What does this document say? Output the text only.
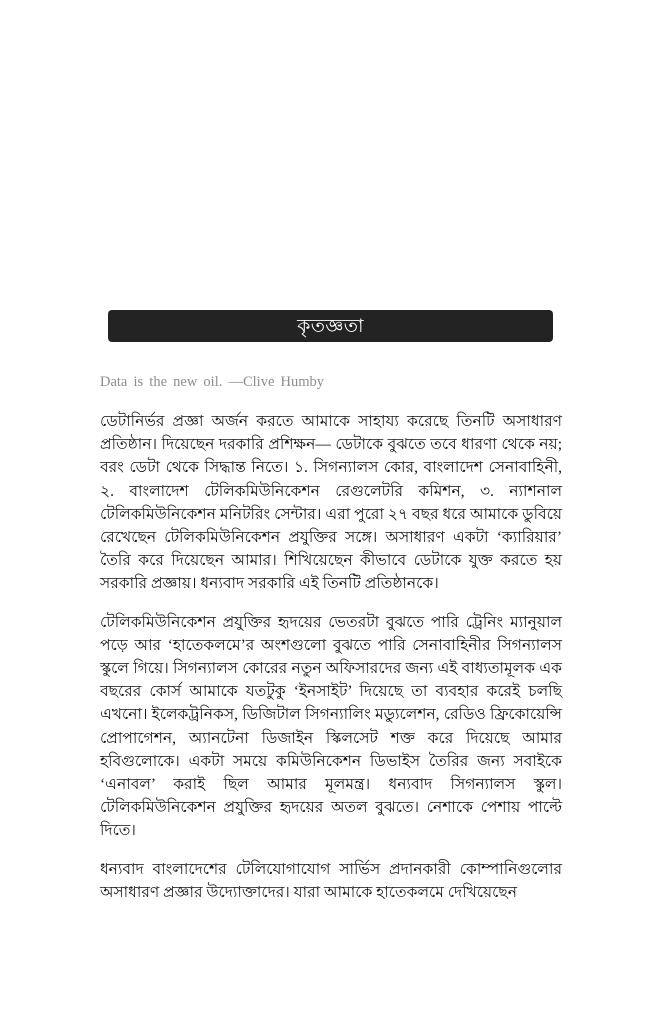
কৃতজ্ঞতা
Data is the new oil. —Clive Humby

ডেটানির্ভর প্রজ্ঞা অর্জন করতে আমাকে সাহায্য করেছে তিনটি অসাধারণ প্রতিষ্ঠান। দিয়েছেন দরকারি প্রশিক্ষন— ডেটাকে বুঝতে তবে ধারণা থেকে নয়; বরং ডেটা থেকে সিদ্ধান্ত নিতে। ১. সিগন্যালস কোর, বাংলাদেশ সেনাবাহিনী, ২. বাংলাদেশ টেলিকমিউনিকেশন রেগুলেটরি কমিশন, ৩. ন্যাশনাল টেলিকমিউনিকেশন মনিটরিং সেন্টার। এরা পুরো ২৭ বছর ধরে আমাকে ডুবিয়ে রেখেছেন টেলিকমিউনিকেশন প্রযুক্তির সঙ্গে। অসাধারণ একটা ‘ক্যারিয়ার’ তৈরি করে দিয়েছেন আমার। শিখিয়েছেন কীভাবে ডেটাকে যুক্ত করতে হয় সরকারি প্রজ্ঞায়। ধন্যবাদ সরকারি এই তিনটি প্রতিষ্ঠানকে।

টেলিকমিউনিকেশন প্রযুক্তির হৃদয়ের ভেতরটা বুঝতে পারি ট্রেনিং ম্যানুয়াল পড়ে আর ‘হাতেকলমে’র অংশগুলো বুঝতে পারি সেনাবাহিনীর সিগন্যালস স্কুলে গিয়ে। সিগন্যালস কোরের নতুন অফিসারদের জন্য এই বাধ্যতামূলক এক বছরের কোর্স আমাকে যতটুকু ‘ইনসাইট’ দিয়েছে তা ব্যবহার করেই চলছি এখনো। ইলেকট্রনিকস, ডিজিটাল সিগন্যালিং মড্যুলেশন, রেডিও ফ্রিকোয়েন্সি প্রোপাগেশন, অ্যানটেনা ডিজাইন স্কিলসেট শক্ত করে দিয়েছে আমার হবিগুলোকে। একটা সময়ে কমিউনিকেশন ডিভাইস তৈরির জন্য সবাইকে ‘এনাবল’ করাই ছিল আমার মূলমন্ত্র। ধন্যবাদ সিগন্যালস স্কুল। টেলিকমিউনিকেশন প্রযুক্তির হৃদয়ের অতল বুঝতে। নেশাকে পেশায় পাল্টে দিতে।

ধন্যবাদ বাংলাদেশের টেলিযোগাযোগ সার্ভিস প্রদানকারী কোম্পানিগুলোর অসাধারণ প্রজ্ঞার উদ্যোক্তাদের। যারা আমাকে হাতেকলমে দেখিয়েছেন
